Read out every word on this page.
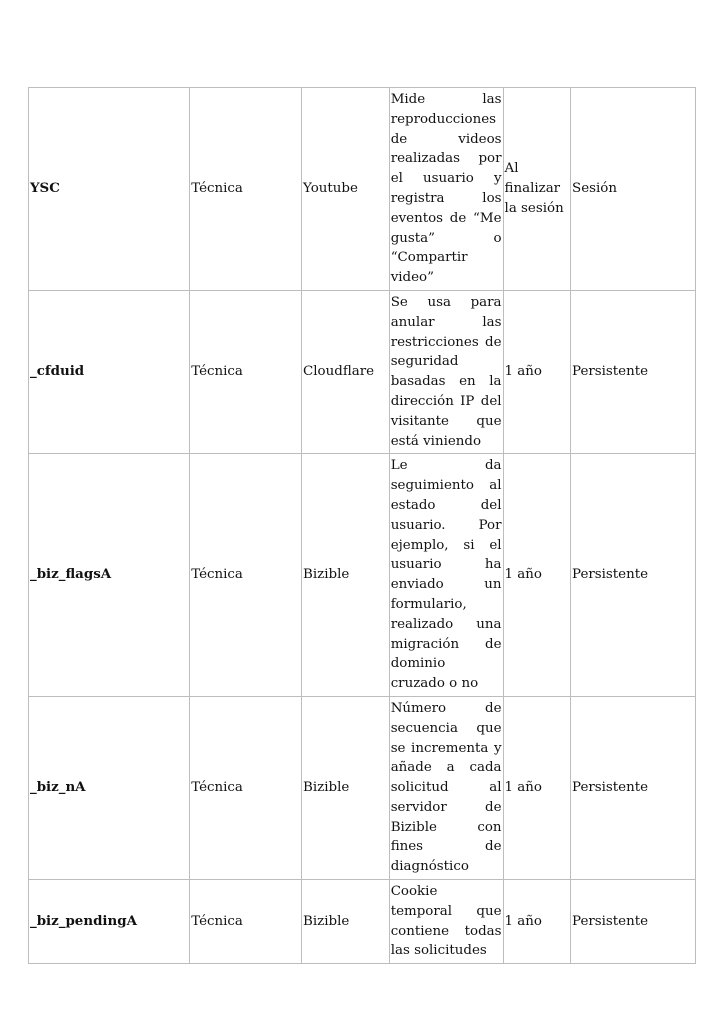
YSC	Técnica	Youtube	Mide las reproducciones de videos realizadas por el usuario y registra los eventos de “Me gusta” o “Compartir video”	Al finalizar la sesión	Sesión
_cfduid	Técnica	Cloudflare	Se usa para anular las restricciones de seguridad basadas en la dirección IP del visitante que está viniendo	1 año	Persistente
_biz_flagsA	Técnica	Bizible	Le da seguimiento al estado del usuario. Por ejemplo, si el usuario ha enviado un formulario, realizado una migración de dominio cruzado o no	1 año	Persistente
_biz_nA	Técnica	Bizible	Número de secuencia que se incrementa y añade a cada solicitud al servidor de Bizible con fines de diagnóstico	1 año	Persistente
_biz_pendingA	Técnica	Bizible	Cookie temporal que contiene todas las solicitudes	1 año	Persistente
